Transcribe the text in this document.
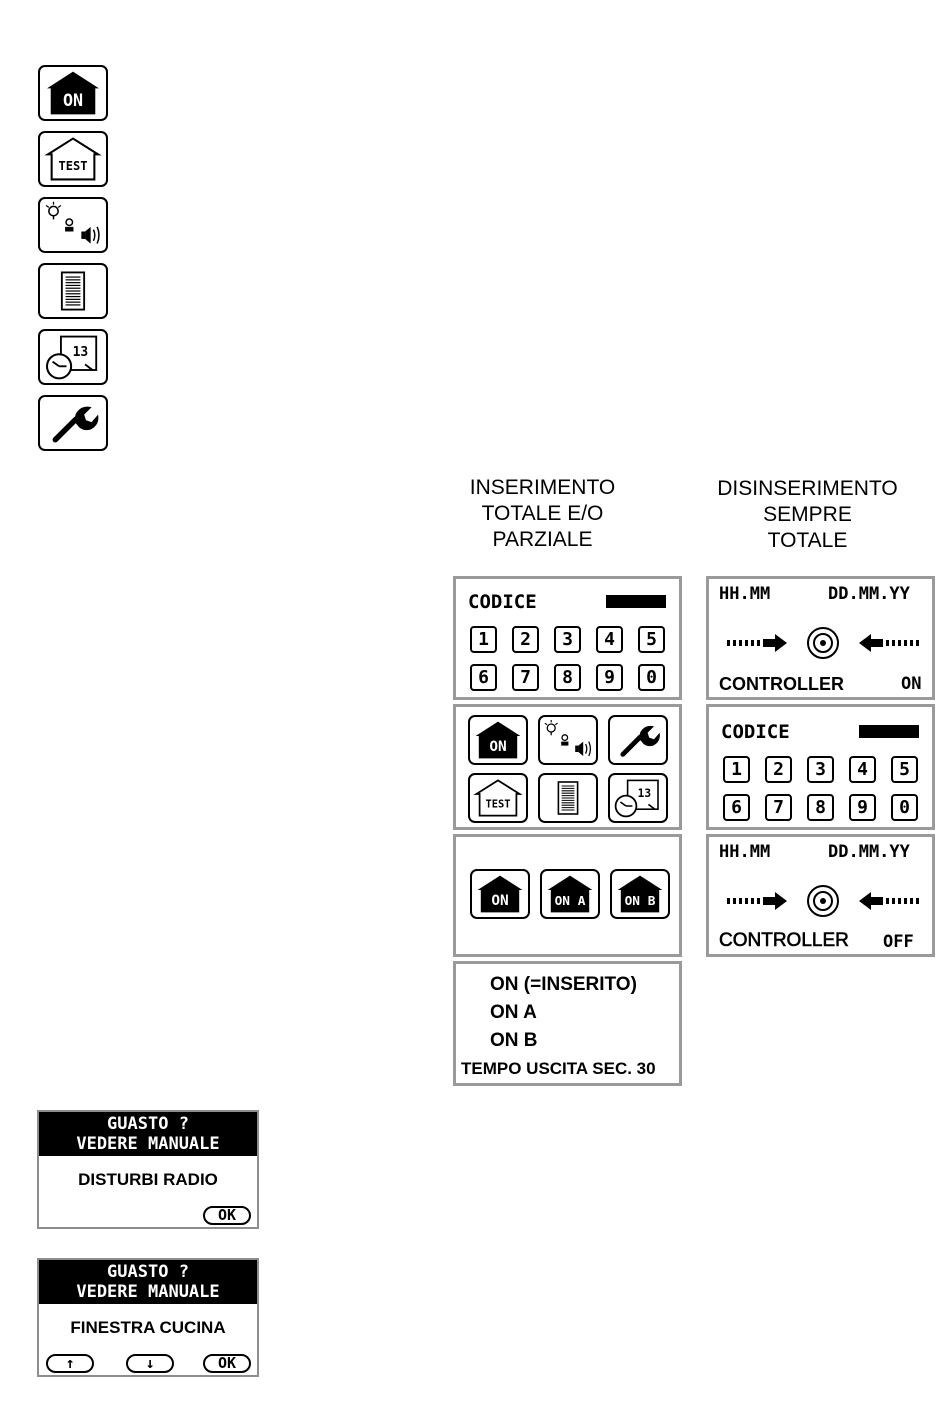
ON
TEST
13
INSERIMENTO
TOTALE E/O
PARZIALE
DISINSERIMENTO
SEMPRE
TOTALE
CODICE
1	2	3	4	5
6	7	8	9	0
ON
TEST
13
ON	ON A ON B
ON (=INSERITO)
ON A
ON B
TEMPO USCITA SEC. 30
HH.MM	DD.MM.YY
CONTROLLER	ON
CODICE
1	2	3	4	5
6	7	8	9	0
HH.MM	DD.MM.YY
CONTROLLER OFF
GUASTO ?
VEDERE MANUALE
DISTURBI RADIO
OK
GUASTO ?
VEDERE MANUALE
FINESTRA CUCINA
↑	↓	OK
